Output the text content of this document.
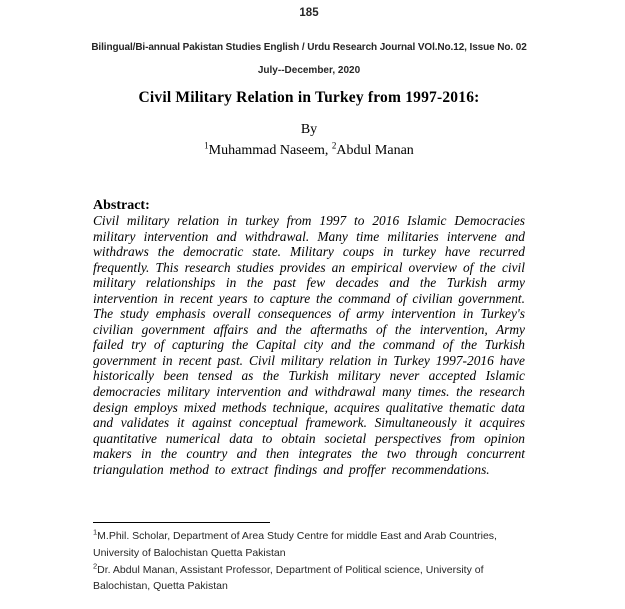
185
Bilingual/Bi-annual Pakistan Studies English / Urdu Research Journal VOl.No.12, Issue No. 02
July--December, 2020
Civil Military Relation in Turkey from 1997-2016:
By
$^1$Muhammad Naseem, $^2$Abdul Manan
Abstract:

Civil military relation in turkey from 1997 to 2016 Islamic Democracies military intervention and withdrawal. Many time militaries intervene and withdraws the democratic state. Military coups in turkey have recurred frequently. This research studies provides an empirical overview of the civil military relationships in the past few decades and the Turkish army intervention in recent years to capture the command of civilian government. The study emphasis overall consequences of army intervention in Turkey's civilian government affairs and the aftermaths of the intervention, Army failed try of capturing the Capital city and the command of the Turkish government in recent past. Civil military relation in Turkey 1997-2016 have historically been tensed as the Turkish military never accepted Islamic democracies military intervention and withdrawal many times. the research design employs mixed methods technique, acquires qualitative thematic data and validates it against conceptual framework. Simultaneously it acquires quantitative numerical data to obtain societal perspectives from opinion makers in the country and then integrates the two through concurrent triangulation method to extract findings and proffer recommendations.

$^1$M.Phil. Scholar, Department of Area Study Centre for middle East and Arab Countries, University of Balochistan Quetta Pakistan

$^2$Dr. Abdul Manan, Assistant Professor, Department of Political science, University of Balochistan, Quetta Pakistan
